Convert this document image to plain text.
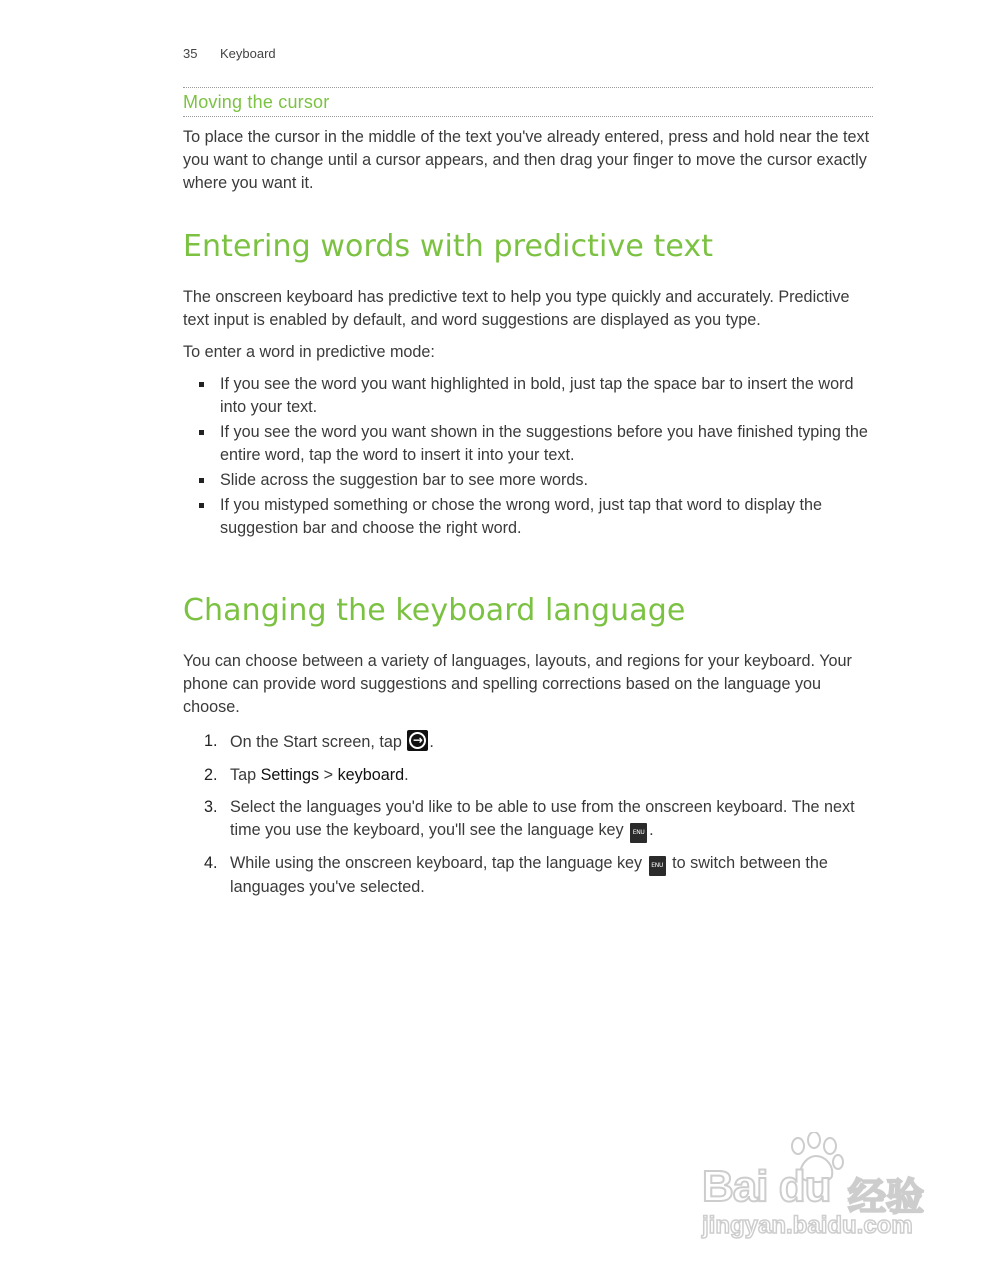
35 Keyboard
Moving the cursor

To place the cursor in the middle of the text you've already entered, press and hold near the text you want to change until a cursor appears, and then drag your finger to move the cursor exactly where you want it.

Entering words with predictive text

The onscreen keyboard has predictive text to help you type quickly and accurately. Predictive text input is enabled by default, and word suggestions are displayed as you type.

To enter a word in predictive mode:

If you see the word you want highlighted in bold, just tap the space bar to insert the word into your text.
If you see the word you want shown in the suggestions before you have finished typing the entire word, tap the word to insert it into your text.
Slide across the suggestion bar to see more words.
If you mistyped something or chose the wrong word, just tap that word to display the suggestion bar and choose the right word.
Changing the keyboard language

You can choose between a variety of languages, layouts, and regions for your keyboard. Your phone can provide word suggestions and spelling corrections based on the language you choose.

1. On the Start screen, tap → .
2. Tap Settings > keyboard.
3. Select the languages you'd like to be able to use from the onscreen keyboard. The next time you use the keyboard, you'll see the language key ENU .
4. While using the onscreen keyboard, tap the language key ENU to switch between the languages you've selected.
Bai du 经验
jingyan.baidu.com
